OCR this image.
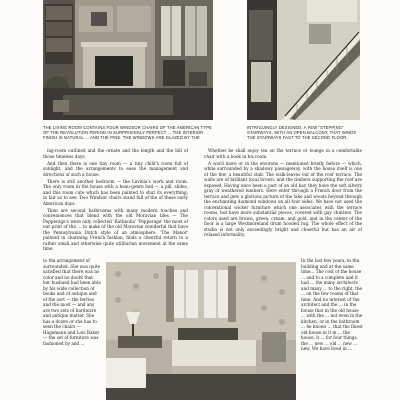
THE LIVING ROOM CONTAINS FOUR WINDSOR CHAIRS OF THE AMERICAN TYPE OF THE REVOLUTION PERIOD IN SURPRISINGLY PERFECT ... THE INTERIOR FINISH IS NATURAL ... AND THE PINE. THE WINDOWS ARE GLAZED BY THE
INTRIGUINGLY DESIGNED, A FEW "STEPPING" STAIRWAYS, WITH AN OPEN BALCONY, THAT WINDS THE STAIRWAYS FAST TO THE SECOND FLOOR,

ing-room outlined and the ornate and the length and the bill of those timeless days.

And then there is one tiny room — a tiny child's room full of sunlight, and the arrangements to ease the management and directions of such a house.

There is still another bedroom — the Lavinia's work and room. The only room in the house with a beau-genre bed — a pill, slides, and this room cute which has been painted to shut its everything, in fair so to see. Two Windsor chairs stand full of the of these early American days.

Then are second bathrooms with many modern touches and conveniences that blend with the old Moravian tiles — The Pepperage's were only collected 'Rathnolia' 'Pepperage' the most of our print of the ... to make of the old Moravian wonderful that have the Pennsylvania Dutch style of an atmosphere. 'The Manor' painted in charming French fashion, finds a cheerful return to a rather small and otherwise quite utilitarian movement at the same time.

Whether he shall enjoy tea on the terrace or lounge in a comfortable chair with a book in his room.

A word more or in the environs — mentioned briefly before — which, while surrounded by a shadowy passageway, with the house itself is one of the few, a beautiful stair. The walk-leaves out of the roof terrace. The walls are of brilliant local brown, and the timbers supporting the roof are exposed. Having once been a part of an old bar, they have the soft silvery gray of weathered lumbers. Here enter through a French door from the terrace and gets a glorious picture of the lake and woods beyond through the enchanting diamond windows on all four sides. We have not used the conventional wicker furniture which one associates with the terrace rooms, but have more substantial pieces, covered with gay chintzes. The colors used are brown, green, cream, and gold, and in the center of the floor is a large Westmoreland drum hooded rug. The whole effect of the studio is not only exceedingly bright and cheerful but has an air of relaxed informality.

to the arrangement of surrounded. She was quite satisfied that there was no color and no doubt that her husband had been able by his wide collection of books and of antique and of the sort — the ferries and the most — and any are two sets of hardware and antique matter. She has a dozen or she has to seen the chairs — Hagemann and Lois Baker — the set of furniture was fashioned by and ...

In the last few years, in the building and at the same time... The cost of the house ... and to a complete and it had ... the many architects and many ... to the right, the ... on the few rooms of that time. And no interest of the architect and the ... in the house that in the old house ... with the ... not even in the kitchen, or in the bathroom ... he knows ... that the finest old house in it in ... the house, it ... for four things, the ... new ... old ... new ... new. We have lived in ...
